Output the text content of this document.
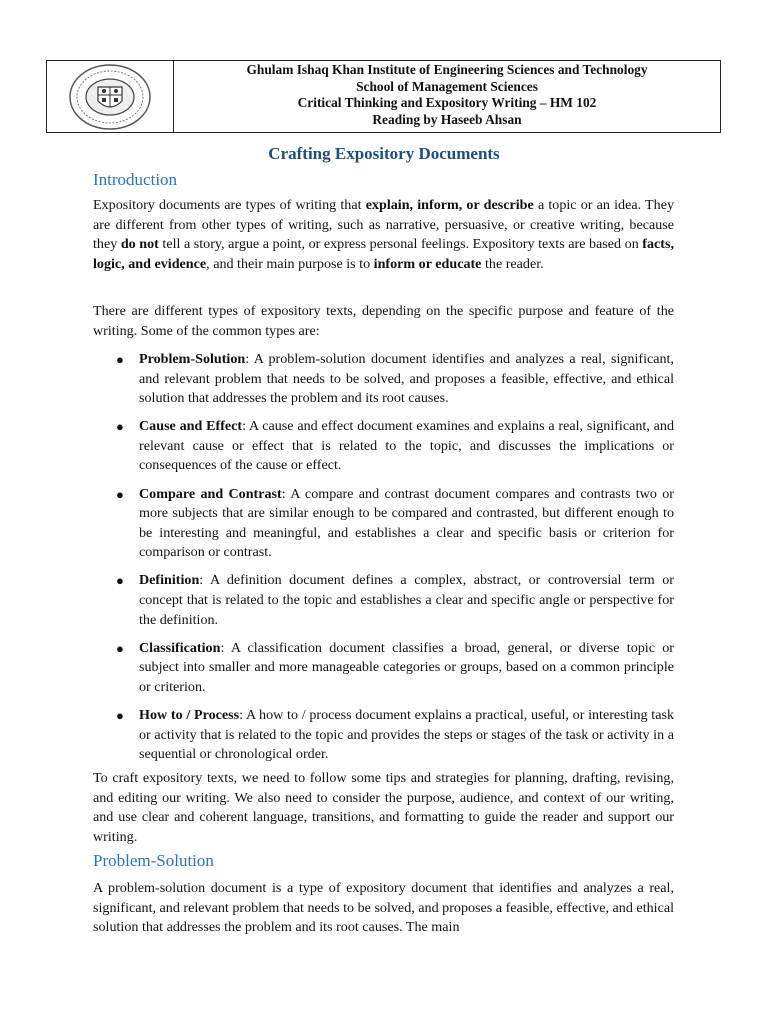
Ghulam Ishaq Khan Institute of Engineering Sciences and Technology
School of Management Sciences
Critical Thinking and Expository Writing – HM 102
Reading by Haseeb Ahsan
Crafting Expository Documents
Introduction

Expository documents are types of writing that explain, inform, or describe a topic or an idea. They are different from other types of writing, such as narrative, persuasive, or creative writing, because they do not tell a story, argue a point, or express personal feelings. Expository texts are based on facts, logic, and evidence, and their main purpose is to inform or educate the reader.

There are different types of expository texts, depending on the specific purpose and feature of the writing. Some of the common types are:

● Problem-Solution: A problem-solution document identifies and analyzes a real, significant, and relevant problem that needs to be solved, and proposes a feasible, effective, and ethical solution that addresses the problem and its root causes.
● Cause and Effect: A cause and effect document examines and explains a real, significant, and relevant cause or effect that is related to the topic, and discusses the implications or consequences of the cause or effect.
● Compare and Contrast: A compare and contrast document compares and contrasts two or more subjects that are similar enough to be compared and contrasted, but different enough to be interesting and meaningful, and establishes a clear and specific basis or criterion for comparison or contrast.
● Definition: A definition document defines a complex, abstract, or controversial term or concept that is related to the topic and establishes a clear and specific angle or perspective for the definition.
● Classification: A classification document classifies a broad, general, or diverse topic or subject into smaller and more manageable categories or groups, based on a common principle or criterion.
● How to / Process: A how to / process document explains a practical, useful, or interesting task or activity that is related to the topic and provides the steps or stages of the task or activity in a sequential or chronological order.

To craft expository texts, we need to follow some tips and strategies for planning, drafting, revising, and editing our writing. We also need to consider the purpose, audience, and context of our writing, and use clear and coherent language, transitions, and formatting to guide the reader and support our writing.

Problem-Solution

A problem-solution document is a type of expository document that identifies and analyzes a real, significant, and relevant problem that needs to be solved, and proposes a feasible, effective, and ethical solution that addresses the problem and its root causes. The main
